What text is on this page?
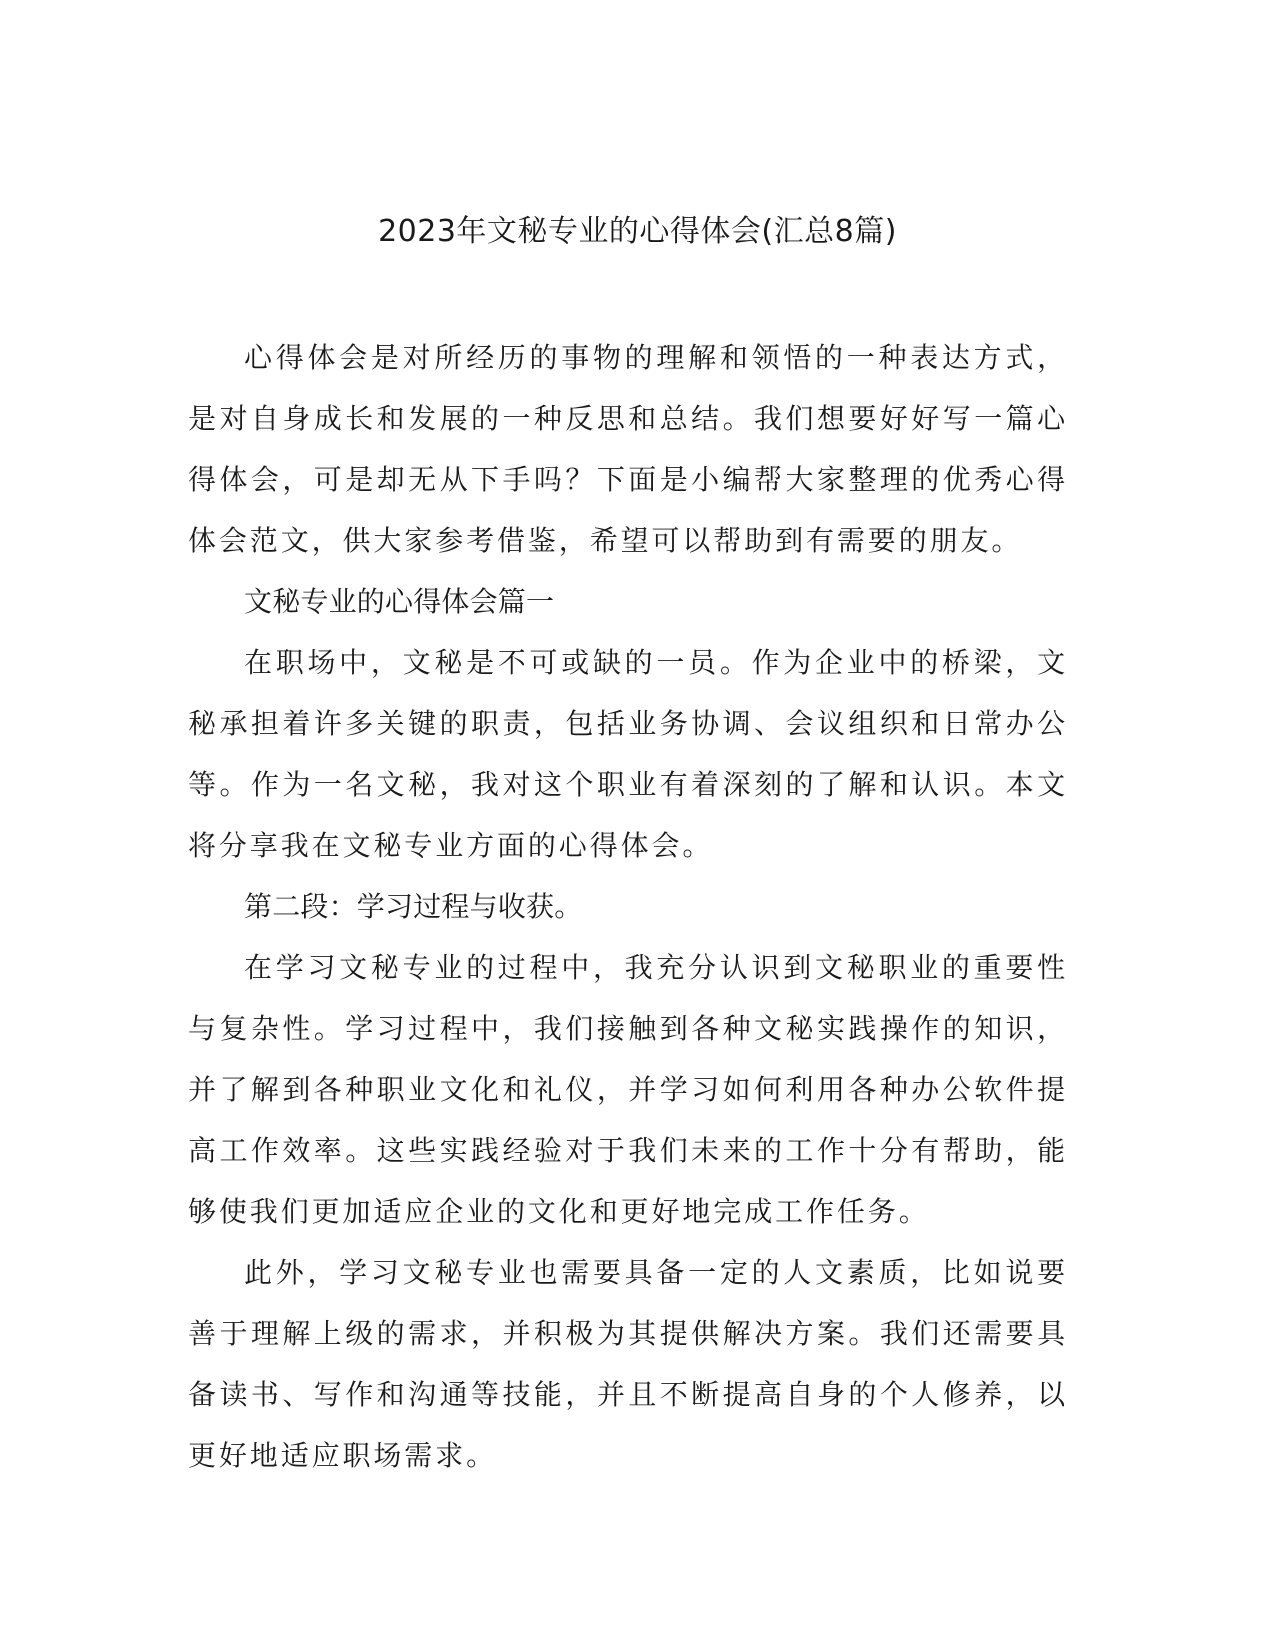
2023年文秘专业的心得体会(汇总8篇)

心得体会是对所经历的事物的理解和领悟的一种表达方式，是对自身成长和发展的一种反思和总结。我们想要好好写一篇心得体会，可是却无从下手吗？下面是小编帮大家整理的优秀心得体会范文，供大家参考借鉴，希望可以帮助到有需要的朋友。

文秘专业的心得体会篇一

在职场中，文秘是不可或缺的一员。作为企业中的桥梁，文秘承担着许多关键的职责，包括业务协调、会议组织和日常办公等。作为一名文秘，我对这个职业有着深刻的了解和认识。本文将分享我在文秘专业方面的心得体会。

第二段：学习过程与收获。

在学习文秘专业的过程中，我充分认识到文秘职业的重要性与复杂性。学习过程中，我们接触到各种文秘实践操作的知识，并了解到各种职业文化和礼仪，并学习如何利用各种办公软件提高工作效率。这些实践经验对于我们未来的工作十分有帮助，能够使我们更加适应企业的文化和更好地完成工作任务。

此外，学习文秘专业也需要具备一定的人文素质，比如说要善于理解上级的需求，并积极为其提供解决方案。我们还需要具备读书、写作和沟通等技能，并且不断提高自身的个人修养，以更好地适应职场需求。
